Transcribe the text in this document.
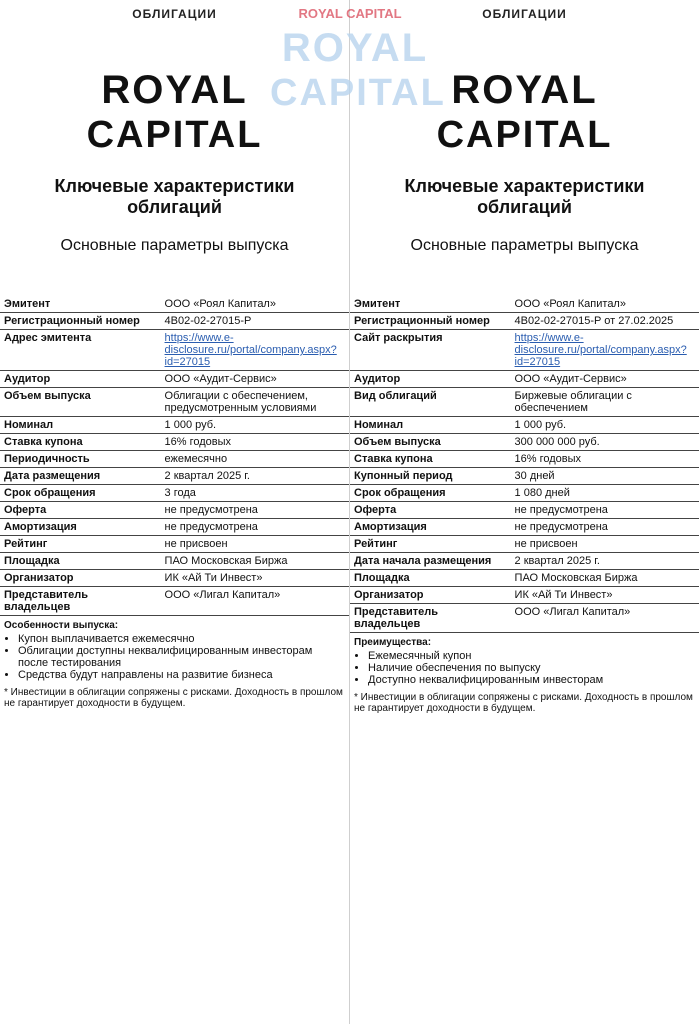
ОБЛИГАЦИИ
ROYAL
CAPITAL
Ключевые характеристики облигаций
Основные параметры выпуска
Эмитент	ООО «Роял Капитал»
Регистрационный номер	4B02-02-27015-P
Адрес эмитента	https://www.e-disclosure.ru/portal/company.aspx?id=27015
Аудитор	ООО «Аудит-Сервис»
Объем выпуска	Облигации с обеспечением, предусмотренным условиями
Номинал	1 000 руб.
Ставка купона	16% годовых
Периодичность	ежемесячно
Дата размещения	2 квартал 2025 г.
Срок обращения	3 года
Оферта	не предусмотрена
Амортизация	не предусмотрена
Рейтинг	не присвоен
Площадка	ПАО Московская Биржа
Организатор	ИК «Ай Ти Инвест»
Представитель владельцев	ООО «Лигал Капитал»
Особенности выпуска:
• Купон выплачивается ежемесячно
• Облигации доступны неквалифицированным инвесторам после тестирования
• Средства будут направлены на развитие бизнеса
* Инвестиции в облигации сопряжены с рисками. Доходность в прошлом не гарантирует доходности в будущем.
ОБЛИГАЦИИ
ROYAL
CAPITAL
Ключевые характеристики облигаций
Основные параметры выпуска
Эмитент	ООО «Роял Капитал»
Регистрационный номер	4B02-02-27015-P от 27.02.2025
Сайт раскрытия	https://www.e-disclosure.ru/portal/company.aspx?id=27015
Аудитор	ООО «Аудит-Сервис»
Вид облигаций	Биржевые облигации с обеспечением
Номинал	1 000 руб.
Объем выпуска	300 000 000 руб.
Ставка купона	16% годовых
Купонный период	30 дней
Срок обращения	1 080 дней
Оферта	не предусмотрена
Амортизация	не предусмотрена
Рейтинг	не присвоен
Дата начала размещения	2 квартал 2025 г.
Площадка	ПАО Московская Биржа
Организатор	ИК «Ай Ти Инвест»
Представитель владельцев	ООО «Лигал Капитал»
Преимущества:
• Ежемесячный купон
• Наличие обеспечения по выпуску
• Доступно неквалифицированным инвесторам
* Инвестиции в облигации сопряжены с рисками. Доходность в прошлом не гарантирует доходности в будущем.
ROYAL CAPITAL
ROYAL
CAPITAL
